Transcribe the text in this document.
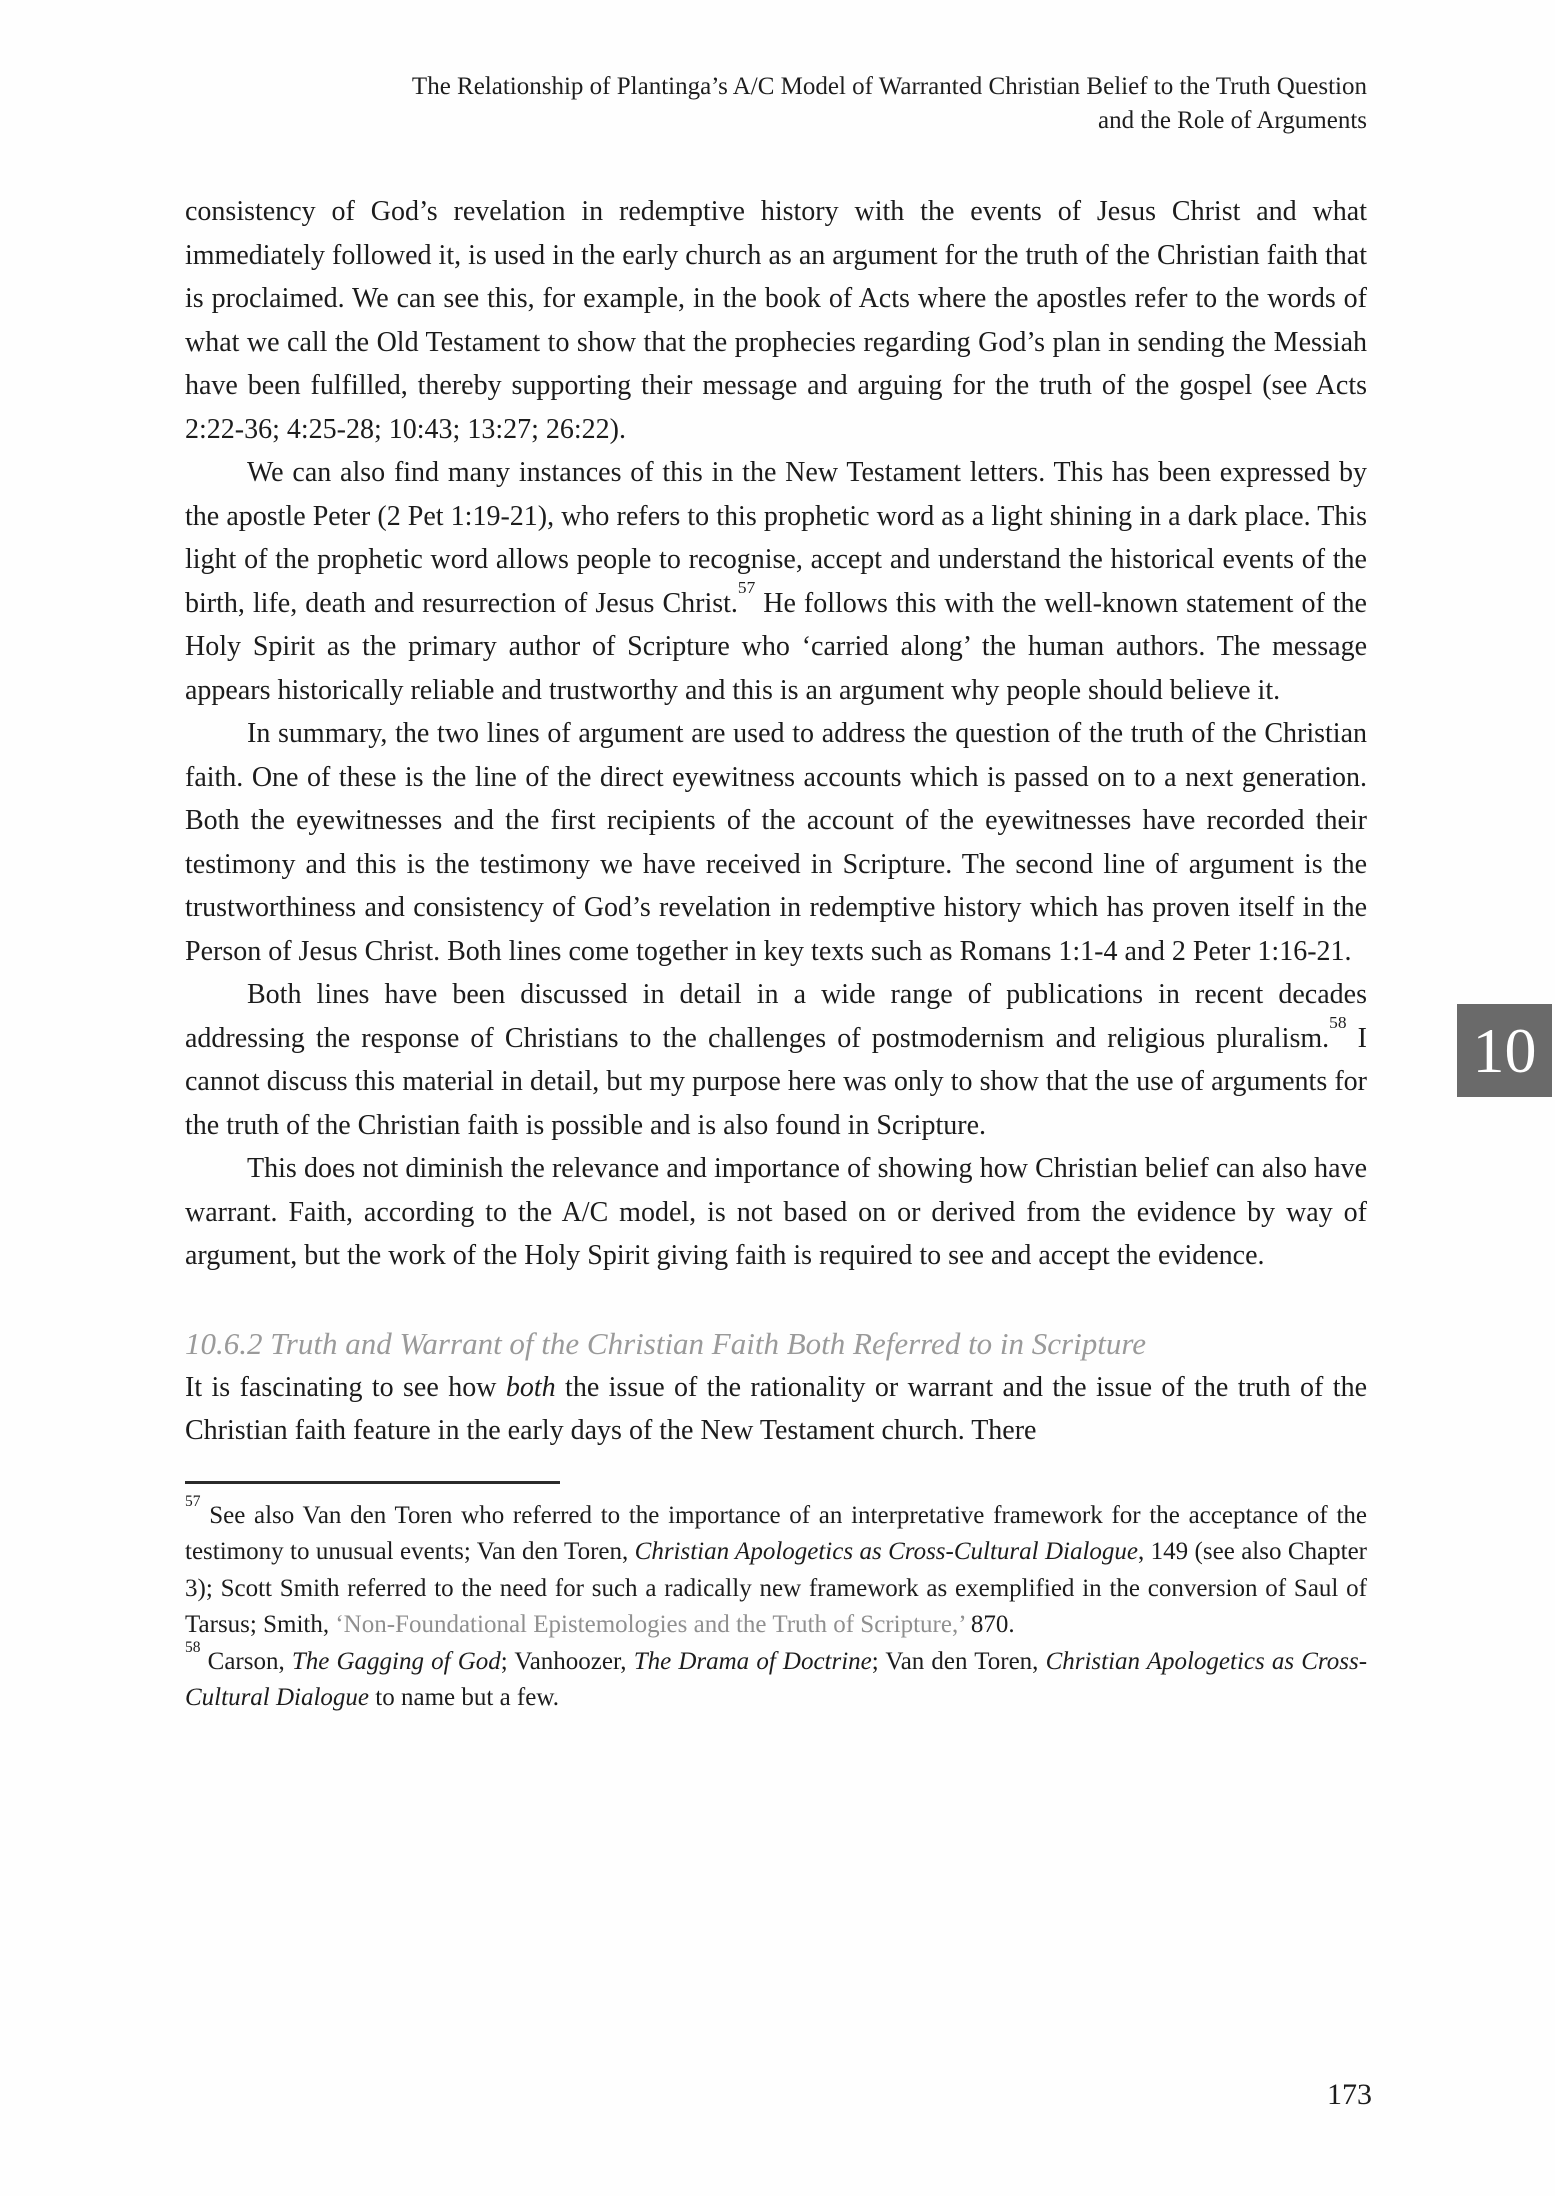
The Relationship of Plantinga’s A/C Model of Warranted Christian Belief to the Truth Question
and the Role of Arguments

consistency of God’s revelation in redemptive history with the events of Jesus Christ and what immediately followed it, is used in the early church as an argument for the truth of the Christian faith that is proclaimed. We can see this, for example, in the book of Acts where the apostles refer to the words of what we call the Old Testament to show that the prophecies regarding God’s plan in sending the Messiah have been fulfilled, thereby supporting their message and arguing for the truth of the gospel (see Acts 2:22-36; 4:25-28; 10:43; 13:27; 26:22).

We can also find many instances of this in the New Testament letters. This has been expressed by the apostle Peter (2 Pet 1:19-21), who refers to this prophetic word as a light shining in a dark place. This light of the prophetic word allows people to recognise, accept and understand the historical events of the birth, life, death and resurrection of Jesus Christ.$^{57}$ He follows this with the well-known statement of the Holy Spirit as the primary author of Scripture who ‘carried along’ the human authors. The message appears historically reliable and trustworthy and this is an argument why people should believe it.

In summary, the two lines of argument are used to address the question of the truth of the Christian faith. One of these is the line of the direct eyewitness accounts which is passed on to a next generation. Both the eyewitnesses and the first recipients of the account of the eyewitnesses have recorded their testimony and this is the testimony we have received in Scripture. The second line of argument is the trustworthiness and consistency of God’s revelation in redemptive history which has proven itself in the Person of Jesus Christ. Both lines come together in key texts such as Romans 1:1-4 and 2 Peter 1:16-21.

Both lines have been discussed in detail in a wide range of publications in recent decades addressing the response of Christians to the challenges of postmodernism and religious pluralism.$^{58}$ I cannot discuss this material in detail, but my purpose here was only to show that the use of arguments for the truth of the Christian faith is possible and is also found in Scripture.

This does not diminish the relevance and importance of showing how Christian belief can also have warrant. Faith, according to the A/C model, is not based on or derived from the evidence by way of argument, but the work of the Holy Spirit giving faith is required to see and accept the evidence.

10.6.2 Truth and Warrant of the Christian Faith Both Referred to in Scripture

It is fascinating to see how both the issue of the rationality or warrant and the issue of the truth of the Christian faith feature in the early days of the New Testament church. There

$^{57}$ See also Van den Toren who referred to the importance of an interpretative framework for the acceptance of the testimony to unusual events; Van den Toren, Christian Apologetics as Cross-Cultural Dialogue, 149 (see also Chapter 3); Scott Smith referred to the need for such a radically new framework as exemplified in the conversion of Saul of Tarsus; Smith, ‘Non-Foundational Epistemologies and the Truth of Scripture,’ 870.

$^{58}$ Carson, The Gagging of God; Vanhoozer, The Drama of Doctrine; Van den Toren, Christian Apologetics as Cross-Cultural Dialogue to name but a few.

10
173
